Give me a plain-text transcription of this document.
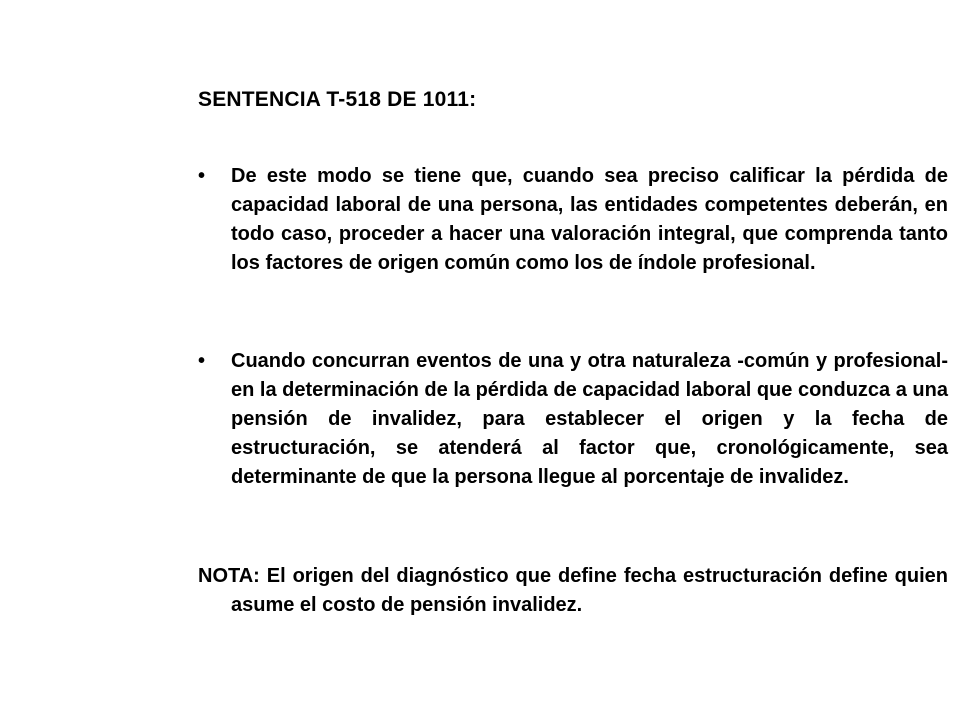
SENTENCIA T-518 DE 1011:
•	De este modo se tiene que, cuando sea preciso calificar la pérdida de capacidad laboral de una persona, las entidades competentes deberán, en todo caso, proceder a hacer una valoración integral, que comprenda tanto los factores de origen común como los de índole profesional.
•	Cuando concurran eventos de una y otra naturaleza -común y profesional- en la determinación de la pérdida de capacidad laboral que conduzca a una pensión de invalidez, para establecer el origen y la fecha de estructuración, se atenderá al factor que, cronológicamente, sea determinante de que la persona llegue al porcentaje de invalidez.
NOTA: El origen del diagnóstico que define fecha estructuración define quien asume el costo de pensión invalidez.
